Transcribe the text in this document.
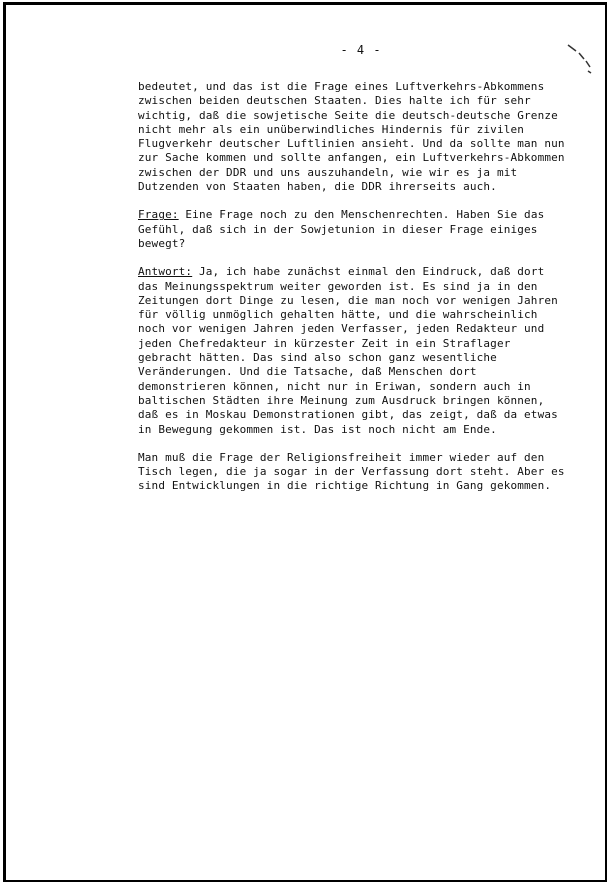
- 4 -
bedeutet, und das ist die Frage eines Luftverkehrs-Abkommens
zwischen beiden deutschen Staaten. Dies halte ich für sehr
wichtig, daß die sowjetische Seite die deutsch-deutsche Grenze
nicht mehr als ein unüberwindliches Hindernis für zivilen
Flugverkehr deutscher Luftlinien ansieht. Und da sollte man nun
zur Sache kommen und sollte anfangen, ein Luftverkehrs-Abkommen
zwischen der DDR und uns auszuhandeln, wie wir es ja mit
Dutzenden von Staaten haben, die DDR ihrerseits auch.
Frage: Eine Frage noch zu den Menschenrechten. Haben Sie das
Gefühl, daß sich in der Sowjetunion in dieser Frage einiges
bewegt?
Antwort: Ja, ich habe zunächst einmal den Eindruck, daß dort
das Meinungsspektrum weiter geworden ist. Es sind ja in den
Zeitungen dort Dinge zu lesen, die man noch vor wenigen Jahren
für völlig unmöglich gehalten hätte, und die wahrscheinlich
noch vor wenigen Jahren jeden Verfasser, jeden Redakteur und
jeden Chefredakteur in kürzester Zeit in ein Straflager
gebracht hätten. Das sind also schon ganz wesentliche
Veränderungen. Und die Tatsache, daß Menschen dort
demonstrieren können, nicht nur in Eriwan, sondern auch in
baltischen Städten ihre Meinung zum Ausdruck bringen können,
daß es in Moskau Demonstrationen gibt, das zeigt, daß da etwas
in Bewegung gekommen ist. Das ist noch nicht am Ende.
Man muß die Frage der Religionsfreiheit immer wieder auf den
Tisch legen, die ja sogar in der Verfassung dort steht. Aber es
sind Entwicklungen in die richtige Richtung in Gang gekommen.
